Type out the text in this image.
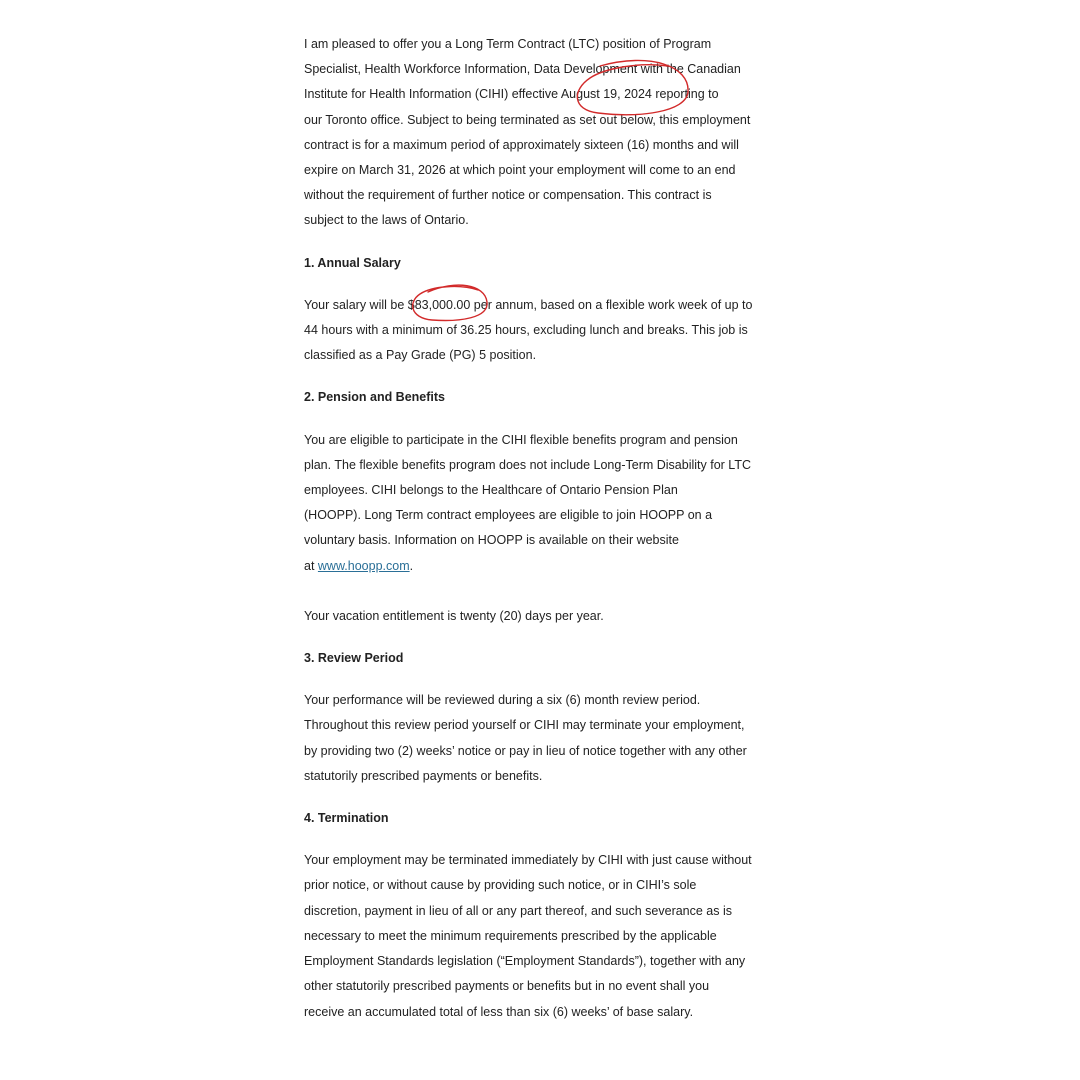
I am pleased to offer you a Long Term Contract (LTC) position of Program
Specialist, Health Workforce Information, Data Development with the Canadian
Institute for Health Information (CIHI) effective August 19, 2024 reporting to
our Toronto office. Subject to being terminated as set out below, this employment
contract is for a maximum period of approximately sixteen (16) months and will
expire on March 31, 2026 at which point your employment will come to an end
without the requirement of further notice or compensation. This contract is
subject to the laws of Ontario.

1. Annual Salary

Your salary will be $83,000.00 per annum, based on a flexible work week of up to
44 hours with a minimum of 36.25 hours, excluding lunch and breaks. This job is
classified as a Pay Grade (PG) 5 position.

2. Pension and Benefits

You are eligible to participate in the CIHI flexible benefits program and pension
plan. The flexible benefits program does not include Long-Term Disability for LTC
employees. CIHI belongs to the Healthcare of Ontario Pension Plan
(HOOPP). Long Term contract employees are eligible to join HOOPP on a
voluntary basis. Information on HOOPP is available on their website
at www.hoopp.com.

Your vacation entitlement is twenty (20) days per year.

3. Review Period

Your performance will be reviewed during a six (6) month review period.
Throughout this review period yourself or CIHI may terminate your employment,
by providing two (2) weeks’ notice or pay in lieu of notice together with any other
statutorily prescribed payments or benefits.

4. Termination

Your employment may be terminated immediately by CIHI with just cause without
prior notice, or without cause by providing such notice, or in CIHI’s sole
discretion, payment in lieu of all or any part thereof, and such severance as is
necessary to meet the minimum requirements prescribed by the applicable
Employment Standards legislation (“Employment Standards”), together with any
other statutorily prescribed payments or benefits but in no event shall you
receive an accumulated total of less than six (6) weeks’ of base salary.
